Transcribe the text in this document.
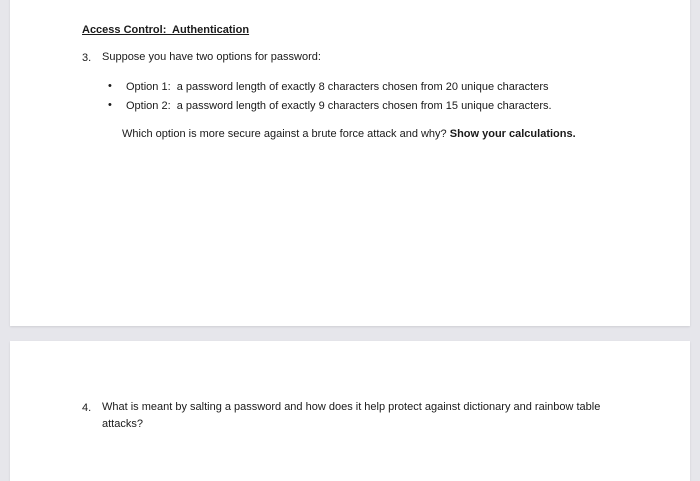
Access Control:  Authentication
3. Suppose you have two options for password:
• Option 1:  a password length of exactly 8 characters chosen from 20 unique characters
• Option 2:  a password length of exactly 9 characters chosen from 15 unique characters.
Which option is more secure against a brute force attack and why? Show your calculations.
4. What is meant by salting a password and how does it help protect against dictionary and rainbow table attacks?
